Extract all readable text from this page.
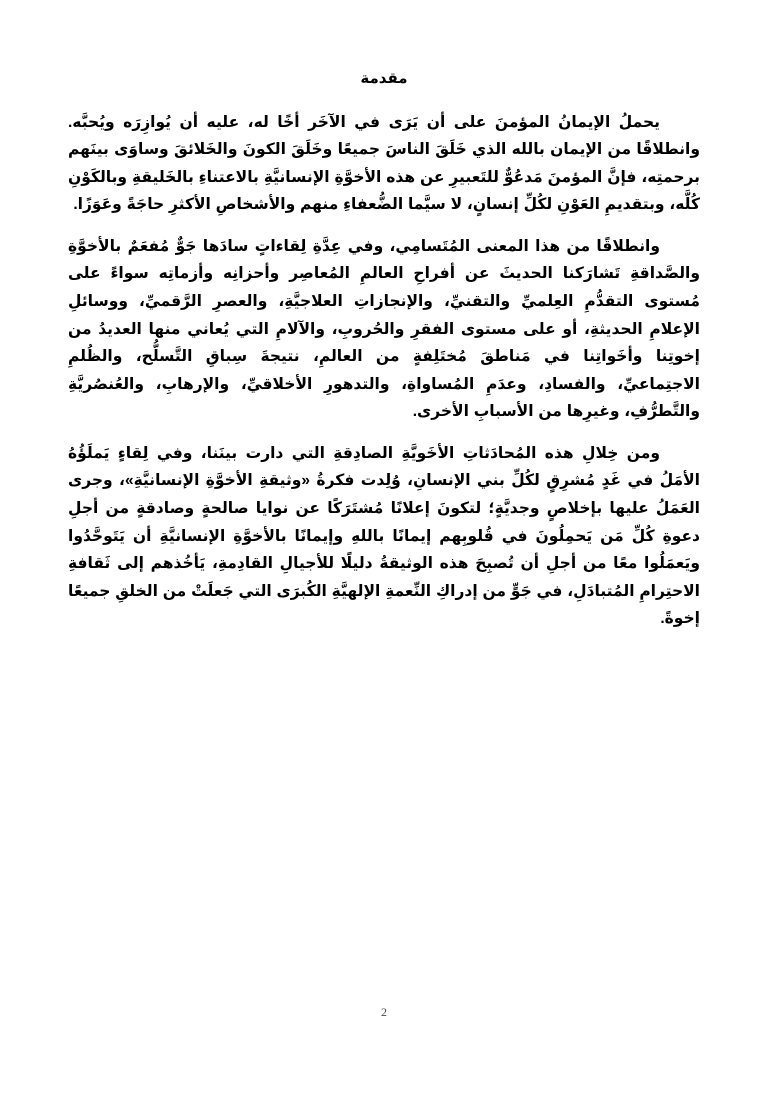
مقدمة

يحملُ الإيمانُ المؤمنَ على أن يَرَى في الآخَر أخًا له، عليه أن يُوازِرَه ويُحبَّه. وانطلاقًا من الإيمان بالله الذي خَلَقَ الناسَ جميعًا وخَلَقَ الكونَ والخَلائقَ وساوَى بينَهم برحمتِه، فإنَّ المؤمنَ مَدعُوٌّ للتَعبيرِ عن هذه الأخوَّةِ الإنسانيَّةِ بالاعتناءِ بالخَليقةِ وبالكَوْنِ كُلَّه، وبتقديمِ العَوْنِ لكُلِّ إنسانٍ، لا سيَّما الضُّعفاءِ منهم والأشخاصِ الأكثرِ حاجَةً وعَوَزًا.

وانطلاقًا من هذا المعنى المُتَسامِي، وفي عِدَّةِ لِقاءاتٍ سادَها جَوٌّ مُفعَمٌ بالأخوَّةِ والصَّداقةِ تَشارَكنا الحديثَ عن أفراحِ العالمِ المُعاصِر وأحزانِه وأزماتِه سواءً على مُستوى التقدُّمِ العِلميِّ والتقنيِّ، والإنجازاتِ العلاجيَّةِ، والعصرِ الرَّقميِّ، ووسائلِ الإعلامِ الحديثةِ، أو على مستوى الفقرِ والحُروبِ، والآلامِ التي يُعاني منها العديدُ من إخوتِنا وأخَواتِنا في مَناطقَ مُختَلِفةٍ من العالمِ، نتيجةَ سِباقِ التَّسلُّح، والظُلمِ الاجتِماعيِّ، والفسادِ، وعدَمِ المُساواةِ، والتدهورِ الأخلاقيِّ، والإرهابِ، والعُنصُريَّةِ والتَّطرُّفِ، وغيرِها من الأسبابِ الأخرى.

ومن خِلالِ هذه المُحادَثاتِ الأخَويَّةِ الصادِقةِ التي دارت بينَنا، وفي لِقاءٍ يَملَؤُهُ الأمَلُ في غَدٍ مُشرِقٍ لكُلِّ بني الإنسانِ، وُلِدت فكرةُ «وثيقةِ الأخوَّةِ الإنسانيَّةِ»، وجرى العَمَلُ عليها بإخلاصٍ وجديَّةٍ؛ لتكونَ إعلانًا مُشتَرَكًا عن نوايا صالحةٍ وصادقةٍ من أجلِ دعوةِ كُلِّ مَن يَحمِلُونَ في قُلوبِهم إيمانًا باللهِ وإيمانًا بالأخوَّةِ الإنسانيَّةِ أن يَتَوحَّدُوا ويَعمَلُوا معًا من أجلِ أن تُصبِحَ هذه الوثيقةُ دليلًا للأجيالِ القادِمةِ، يَأخُذهم إلى ثَقافةِ الاحتِرامِ المُتبادَلِ، في جَوٍّ من إدراكِ النِّعمةِ الإلهيَّةِ الكُبرَى التي جَعلَتْ من الخلقِ جميعًا إخوةً.

2
